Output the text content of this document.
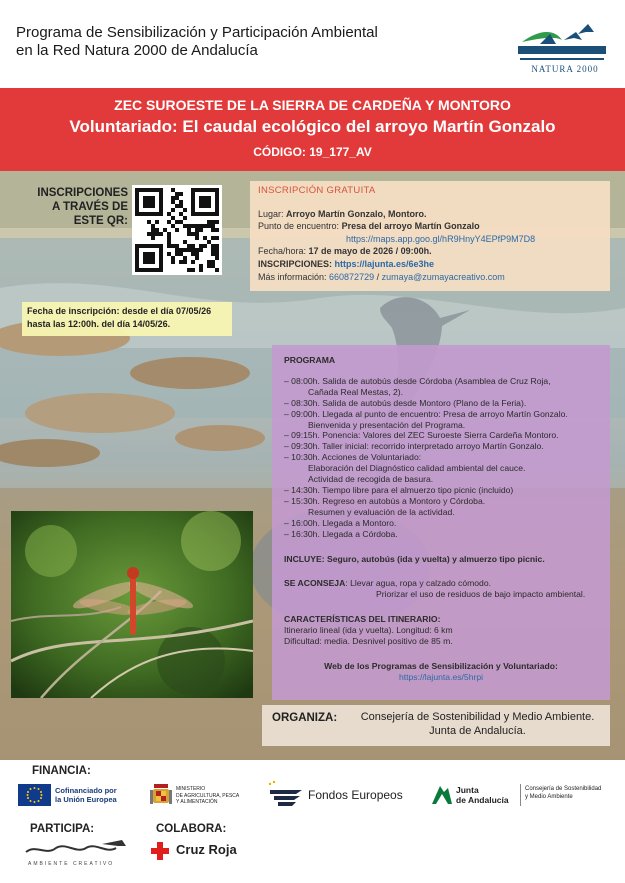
Programa de Sensibilización y Participación Ambiental
en la Red Natura 2000 de Andalucía
NATURA 2000
ZEC SUROESTE DE LA SIERRA DE CARDEÑA Y MONTORO
Voluntariado: El caudal ecológico del arroyo Martín Gonzalo
CÓDIGO: 19_177_AV
INSCRIPCIONES
A TRAVÉS DE
ESTE QR:
INSCRIPCIÓN GRATUITA
Lugar: Arroyo Martín Gonzalo, Montoro.
Punto de encuentro: Presa del arroyo Martín Gonzalo
https://maps.app.goo.gl/hR9HnyY4EPfP9M7D8
Fecha/hora: 17 de mayo de 2026 / 09:00h.
INSCRIPCIONES: https://lajunta.es/6e3he
Más información: 660872729 / zumaya@zumayacreativo.com
Fecha de inscripción: desde el día 07/05/26
hasta las 12:00h. del día 14/05/26.
PROGRAMA
– 08:00h. Salida de autobús desde Córdoba (Asamblea de Cruz Roja,
Cañada Real Mestas, 2).
– 08:30h. Salida de autobús desde Montoro (Plano de la Feria).
– 09:00h. Llegada al punto de encuentro: Presa de arroyo Martín Gonzalo.
Bienvenida y presentación del Programa.
– 09:15h. Ponencia: Valores del ZEC Suroeste Sierra Cardeña Montoro.
– 09:30h. Taller inicial: recorrido interpretado arroyo Martín Gonzalo.
– 10:30h. Acciones de Voluntariado:
Elaboración del Diagnóstico calidad ambiental del cauce.
Actividad de recogida de basura.
– 14:30h. Tiempo libre para el almuerzo tipo picnic (incluido)
– 15:30h. Regreso en autobús a Montoro y Córdoba.
Resumen y evaluación de la actividad.
– 16:00h. Llegada a Montoro.
– 16:30h. Llegada a Córdoba.
INCLUYE: Seguro, autobús (ida y vuelta) y almuerzo tipo picnic.
SE ACONSEJA: Llevar agua, ropa y calzado cómodo.
Priorizar el uso de residuos de bajo impacto ambiental.
CARACTERÍSTICAS DEL ITINERARIO:
Itinerario lineal (ida y vuelta). Longitud: 6 km
Dificultad: media. Desnivel positivo de 85 m.
Web de los Programas de Sensibilización y Voluntariado:
https://lajunta.es/5hrpi
ORGANIZA:	Consejería de Sostenibilidad y Medio Ambiente.
Junta de Andalucía.
FINANCIA:
Cofinanciado por
la Unión Europea
MINISTERIO
DE AGRICULTURA, PESCA
Y ALIMENTACIÓN	Fondos Europeos	Junta
de Andalucía
Consejería de Sostenibilidad
y Medio Ambiente
PARTICIPA:
AMBIENTE CREATIVO
COLABORA:
Cruz Roja
